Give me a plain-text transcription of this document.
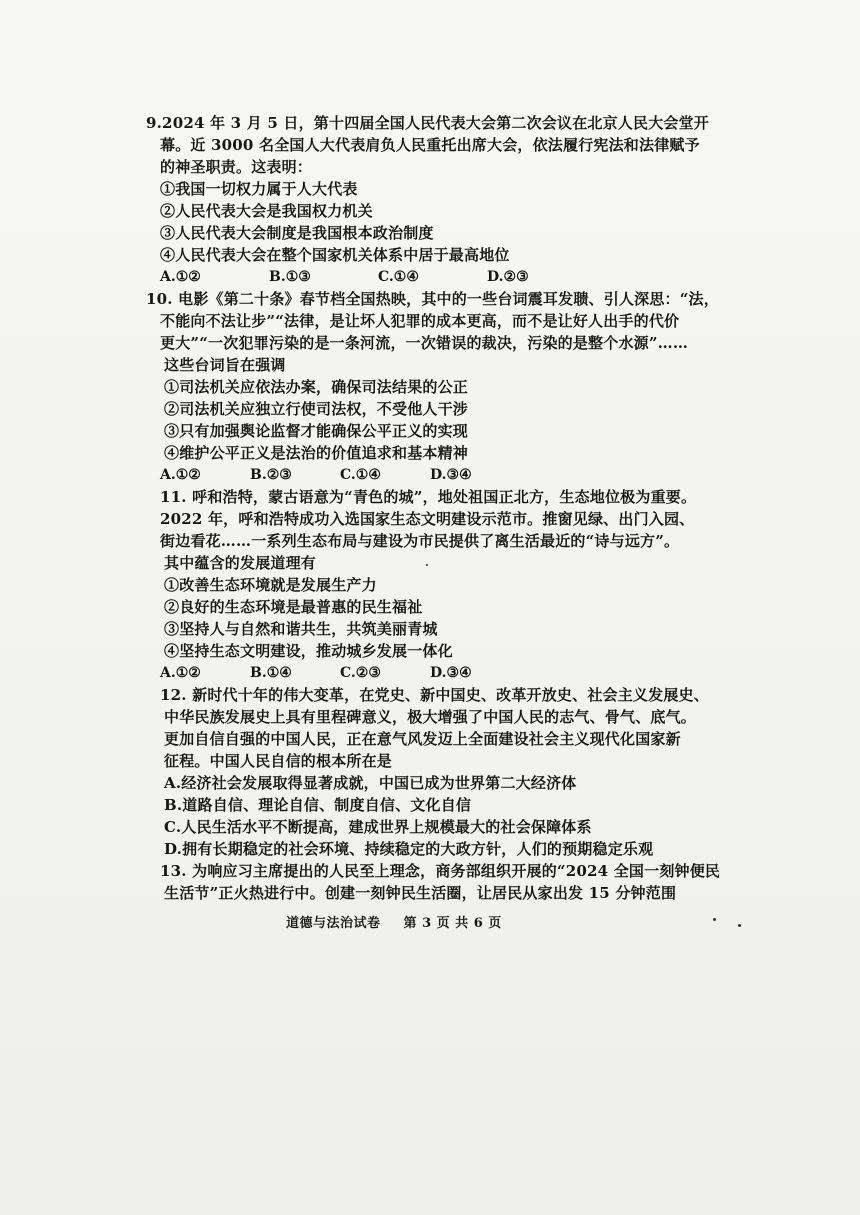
9.2024 年 3 月 5 日，第十四届全国人民代表大会第二次会议在北京人民大会堂开
幕。近 3000 名全国人大代表肩负人民重托出席大会，依法履行宪法和法律赋予
的神圣职责。这表明：
①我国一切权力属于人大代表
②人民代表大会是我国权力机关
③人民代表大会制度是我国根本政治制度
④人民代表大会在整个国家机关体系中居于最高地位
A.①②	B.①③	C.①④	D.②③
10. 电影《第二十条》春节档全国热映，其中的一些台词震耳发聩、引人深思：“法，
不能向不法让步”“法律，是让坏人犯罪的成本更高，而不是让好人出手的代价
更大”“一次犯罪污染的是一条河流，一次错误的裁决，污染的是整个水源”……
这些台词旨在强调
①司法机关应依法办案，确保司法结果的公正
②司法机关应独立行使司法权，不受他人干涉
③只有加强舆论监督才能确保公平正义的实现
④维护公平正义是法治的价值追求和基本精神
A.①②	B.②③	C.①④	D.③④
11. 呼和浩特，蒙古语意为“青色的城”，地处祖国正北方，生态地位极为重要。
2022 年，呼和浩特成功入选国家生态文明建设示范市。推窗见绿、出门入园、
街边看花……一系列生态布局与建设为市民提供了离生活最近的“诗与远方”。
其中蕴含的发展道理有
①改善生态环境就是发展生产力
②良好的生态环境是最普惠的民生福祉
③坚持人与自然和谐共生，共筑美丽青城
④坚持生态文明建设，推动城乡发展一体化
A.①②	B.①④	C.②③	D.③④
12. 新时代十年的伟大变革，在党史、新中国史、改革开放史、社会主义发展史、
中华民族发展史上具有里程碑意义，极大增强了中国人民的志气、骨气、底气。
更加自信自强的中国人民，正在意气风发迈上全面建设社会主义现代化国家新
征程。中国人民自信的根本所在是
A.经济社会发展取得显著成就，中国已成为世界第二大经济体
B.道路自信、理论自信、制度自信、文化自信
C.人民生活水平不断提高，建成世界上规模最大的社会保障体系
D.拥有长期稳定的社会环境、持续稳定的大政方针，人们的预期稳定乐观
13. 为响应习主席提出的人民至上理念，商务部组织开展的“2024 全国一刻钟便民
生活节”正火热进行中。创建一刻钟民生活圈，让居民从家出发 15 分钟范围
道德与法治试卷 第 3 页 共 6 页
